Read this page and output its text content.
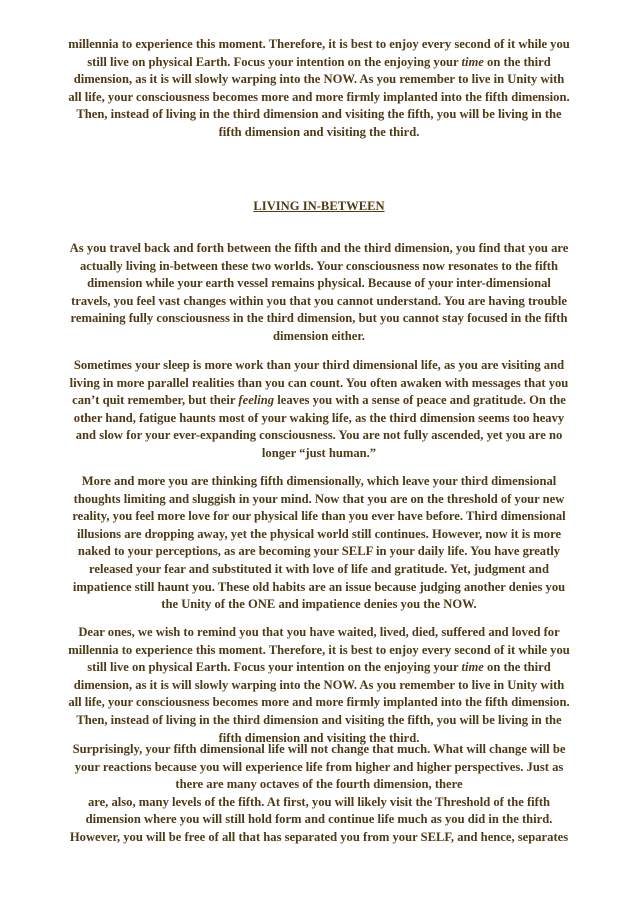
millennia to experience this moment. Therefore, it is best to enjoy every second of it while you
still live on physical Earth. Focus your intention on the enjoying your time on the third
dimension, as it is will slowly warping into the NOW. As you remember to live in Unity with
all life, your consciousness becomes more and more firmly implanted into the fifth dimension.
Then, instead of living in the third dimension and visiting the fifth, you will be living in the
fifth dimension and visiting the third.
LIVING IN-BETWEEN
As you travel back and forth between the fifth and the third dimension, you find that you are
actually living in-between these two worlds. Your consciousness now resonates to the fifth
dimension while your earth vessel remains physical. Because of your inter-dimensional
travels, you feel vast changes within you that you cannot understand. You are having trouble
remaining fully consciousness in the third dimension, but you cannot stay focused in the fifth
dimension either.
Sometimes your sleep is more work than your third dimensional life, as you are visiting and
living in more parallel realities than you can count. You often awaken with messages that you
can’t quit remember, but their feeling leaves you with a sense of peace and gratitude. On the
other hand, fatigue haunts most of your waking life, as the third dimension seems too heavy
and slow for your ever-expanding consciousness. You are not fully ascended, yet you are no
longer “just human.”
More and more you are thinking fifth dimensionally, which leave your third dimensional
thoughts limiting and sluggish in your mind. Now that you are on the threshold of your new
reality, you feel more love for our physical life than you ever have before. Third dimensional
illusions are dropping away, yet the physical world still continues. However, now it is more
naked to your perceptions, as are becoming your SELF in your daily life. You have greatly
released your fear and substituted it with love of life and gratitude. Yet, judgment and
impatience still haunt you. These old habits are an issue because judging another denies you
the Unity of the ONE and impatience denies you the NOW.
Dear ones, we wish to remind you that you have waited, lived, died, suffered and loved for
millennia to experience this moment. Therefore, it is best to enjoy every second of it while you
still live on physical Earth. Focus your intention on the enjoying your time on the third
dimension, as it is will slowly warping into the NOW. As you remember to live in Unity with
all life, your consciousness becomes more and more firmly implanted into the fifth dimension.
Then, instead of living in the third dimension and visiting the fifth, you will be living in the
fifth dimension and visiting the third.
Surprisingly, your fifth dimensional life will not change that much. What will change will be
your reactions because you will experience life from higher and higher perspectives. Just as
there are many octaves of the fourth dimension, there
are, also, many levels of the fifth. At first, you will likely visit the Threshold of the fifth
dimension where you will still hold form and continue life much as you did in the third.
However, you will be free of all that has separated you from your SELF, and hence, separates
